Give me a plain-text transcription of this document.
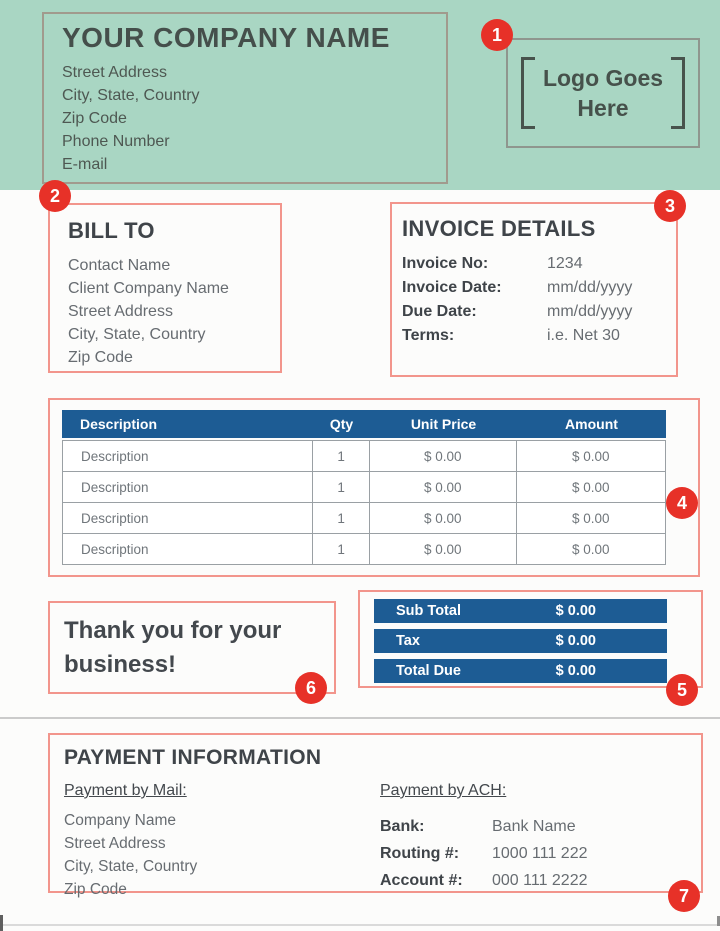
YOUR COMPANY NAME
Street Address
City, State, Country
Zip Code
Phone Number
E-mail
Logo Goes Here
1
2	3
4
5
6
7
BILL TO
Contact Name
Client Company Name
Street Address
City, State, Country
Zip Code
INVOICE DETAILS
Invoice No:	1234
Invoice Date:	mm/dd/yyyy
Due Date:	mm/dd/yyyy
Terms:	i.e. Net 30
Description	Qty	Unit Price	Amount
Description	1	$ 0.00	$ 0.00
Description	1	$ 0.00	$ 0.00
Description	1	$ 0.00	$ 0.00
Description	1	$ 0.00	$ 0.00
Thank you for your business!
Sub Total	$ 0.00
Tax	$ 0.00
Total Due	$ 0.00
PAYMENT INFORMATION
Payment by Mail:
Company Name
Street Address
City, State, Country
Zip Code
Payment by ACH:
Bank:	Bank Name
Routing #:	1000 111 222
Account #:	000 111 2222
